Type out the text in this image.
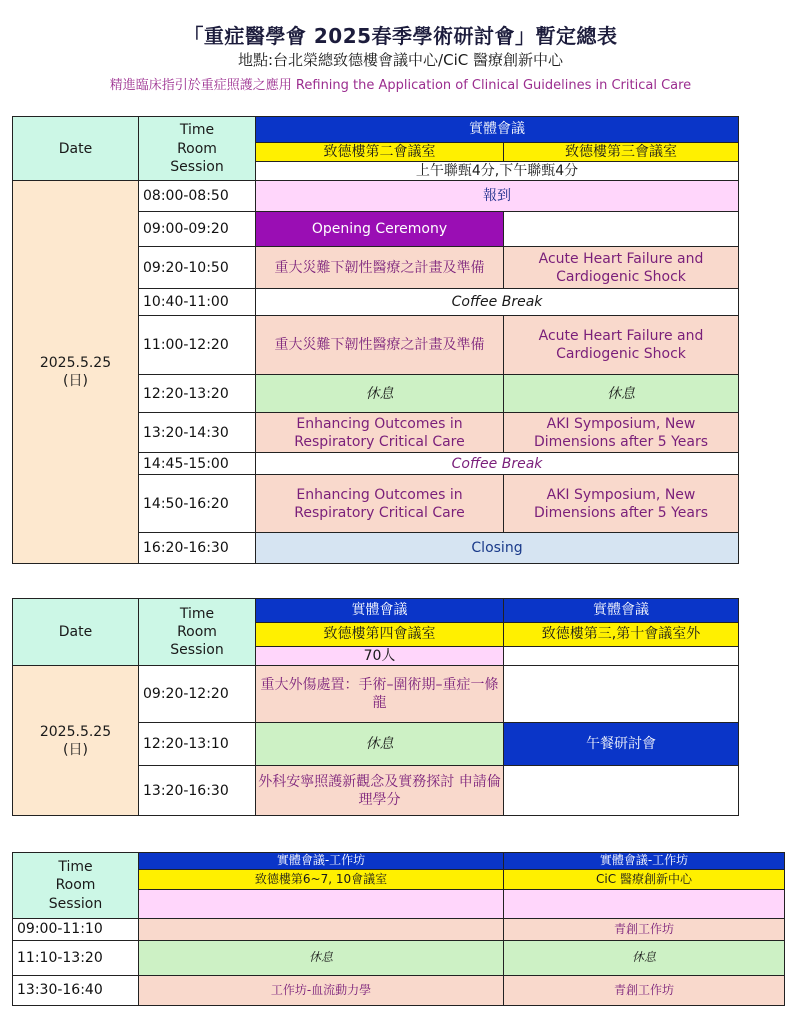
「重症醫學會 2025春季學術研討會」暫定總表
地點:台北榮總致德樓會議中心/CiC 醫療創新中心
精進臨床指引於重症照護之應用 Refining the Application of Clinical Guidelines in Critical Care
Date	Time
Room
Session	實體會議	
		致德樓第二會議室	致德樓第三會議室
		上午聯甄4分,下午聯甄4分	

2025.5.25
(日)	08:00-08:50	報到	
	09:00-09:20	Opening Ceremony	
	09:20-10:50	重大災難下韌性醫療之計畫及準備	Acute Heart Failure and Cardiogenic Shock
	10:40-11:00	Coffee Break	
	11:00-12:20	重大災難下韌性醫療之計畫及準備	Acute Heart Failure and Cardiogenic Shock
	12:20-13:20	休息	休息
	13:20-14:30	Enhancing Outcomes in Respiratory Critical Care	AKI Symposium, New Dimensions after 5 Years
	14:45-15:00	Coffee Break	
	14:50-16:20	Enhancing Outcomes in Respiratory Critical Care	AKI Symposium, New Dimensions after 5 Years
	16:20-16:30	Closing	
Date	Time
Room
Session	實體會議	實體會議
		致德樓第四會議室	致德樓第三,第十會議室外
		70人	

2025.5.25
(日)	09:20-12:20	重大外傷處置：手術–圍術期–重症一條龍	
	12:20-13:10	休息	午餐研討會
	13:20-16:30	外科安寧照護新觀念及實務探討 申請倫理學分	
Time
Room
Session	實體會議-工作坊	實體會議-工作坊
	致德樓第6~7, 10會議室	CiC 醫療創新中心

09:00-11:10		青創工作坊
11:10-13:20	休息	休息
13:30-16:40	工作坊-血流動力學	青創工作坊
